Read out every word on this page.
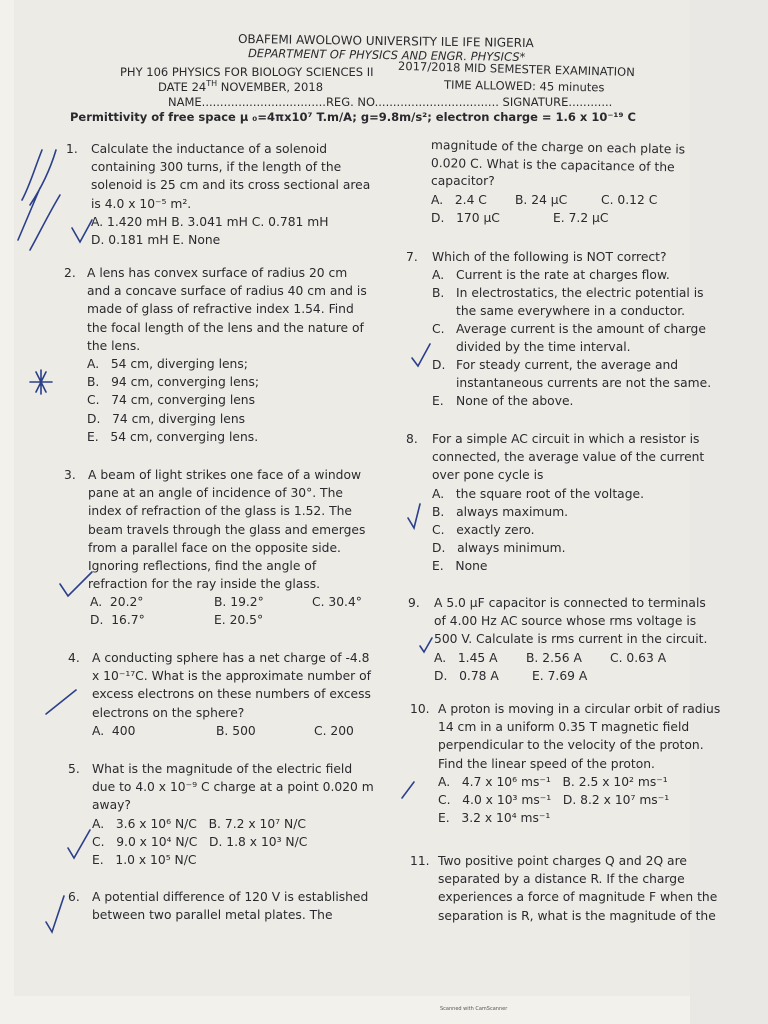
OBAFEMI AWOLOWO UNIVERSITY ILE IFE NIGERIA
DEPARTMENT OF PHYSICS AND ENGR. PHYSICS*
PHY 106 PHYSICS FOR BIOLOGY SCIENCES II 2017/2018 MID SEMESTER EXAMINATION
DATE 24TH NOVEMBER, 2018	TIME ALLOWED: 45 minutes
NAME..................................REG. NO.................................. SIGNATURE............
Permittivity of free space μ ₀=4πx10⁷ T.m/A; g=9.8m/s²; electron charge = 1.6 x 10⁻¹⁹ C
1. Calculate the inductance of a solenoid
containing 300 turns, if the length of the
solenoid is 25 cm and its cross sectional area
is 4.0 x 10⁻⁵ m².
A. 1.420 mH B. 3.041 mH C. 0.781 mH
D. 0.181 mH E. None
2. A lens has convex surface of radius 20 cm
and a concave surface of radius 40 cm and is
made of glass of refractive index 1.54. Find
the focal length of the lens and the nature of
the lens.
A.   54 cm, diverging lens;
B.   94 cm, converging lens;
C.   74 cm, converging lens
D.   74 cm, diverging lens
E.   54 cm, converging lens.
3. A beam of light strikes one face of a window
pane at an angle of incidence of 30°. The
index of refraction of the glass is 1.52. The
beam travels through the glass and emerges
from a parallel face on the opposite side.
Ignoring reflections, find the angle of
refraction for the ray inside the glass.
A.  20.2°	B. 19.2°	C. 30.4°
D.  16.7°	E. 20.5°
4. A conducting sphere has a net charge of -4.8
x 10⁻¹⁷C. What is the approximate number of
excess electrons on these numbers of excess
electrons on the sphere?
A.  400	B. 500	C. 200
5. What is the magnitude of the electric field
due to 4.0 x 10⁻⁹ C charge at a point 0.020 m
away?
A.   3.6 x 10⁶ N/C   B. 7.2 x 10⁷ N/C
C.   9.0 x 10⁴ N/C   D. 1.8 x 10³ N/C
E.   1.0 x 10⁵ N/C
6. A potential difference of 120 V is established
between two parallel metal plates. The
magnitude of the charge on each plate is
0.020 C. What is the capacitance of the
capacitor?
A.   2.4 C B. 24 μC	C. 0.12 C
D.   170 μC	E. 7.2 μC
7. Which of the following is NOT correct?
A. Current is the rate at charges flow.
B. In electrostatics, the electric potential is
the same everywhere in a conductor.
C. Average current is the amount of charge
divided by the time interval.
D. For steady current, the average and
instantaneous currents are not the same.
E. None of the above.
8. For a simple AC circuit in which a resistor is
connected, the average value of the current
over pone cycle is
A.   the square root of the voltage.
B.   always maximum.
C.   exactly zero.
D.   always minimum.
E.   None
9. A 5.0 μF capacitor is connected to terminals
of 4.00 Hz AC source whose rms voltage is
500 V. Calculate is rms current in the circuit.
A.   1.45 A B. 2.56 A C. 0.63 A
D.   0.78 A	E. 7.69 A
10. A proton is moving in a circular orbit of radius
14 cm in a uniform 0.35 T magnetic field
perpendicular to the velocity of the proton.
Find the linear speed of the proton.
A.   4.7 x 10⁶ ms⁻¹   B. 2.5 x 10² ms⁻¹
C.   4.0 x 10³ ms⁻¹   D. 8.2 x 10⁷ ms⁻¹
E.   3.2 x 10⁴ ms⁻¹
11. Two positive point charges Q and 2Q are
separated by a distance R. If the charge
experiences a force of magnitude F when the
separation is R, what is the magnitude of the
Scanned with CamScanner
